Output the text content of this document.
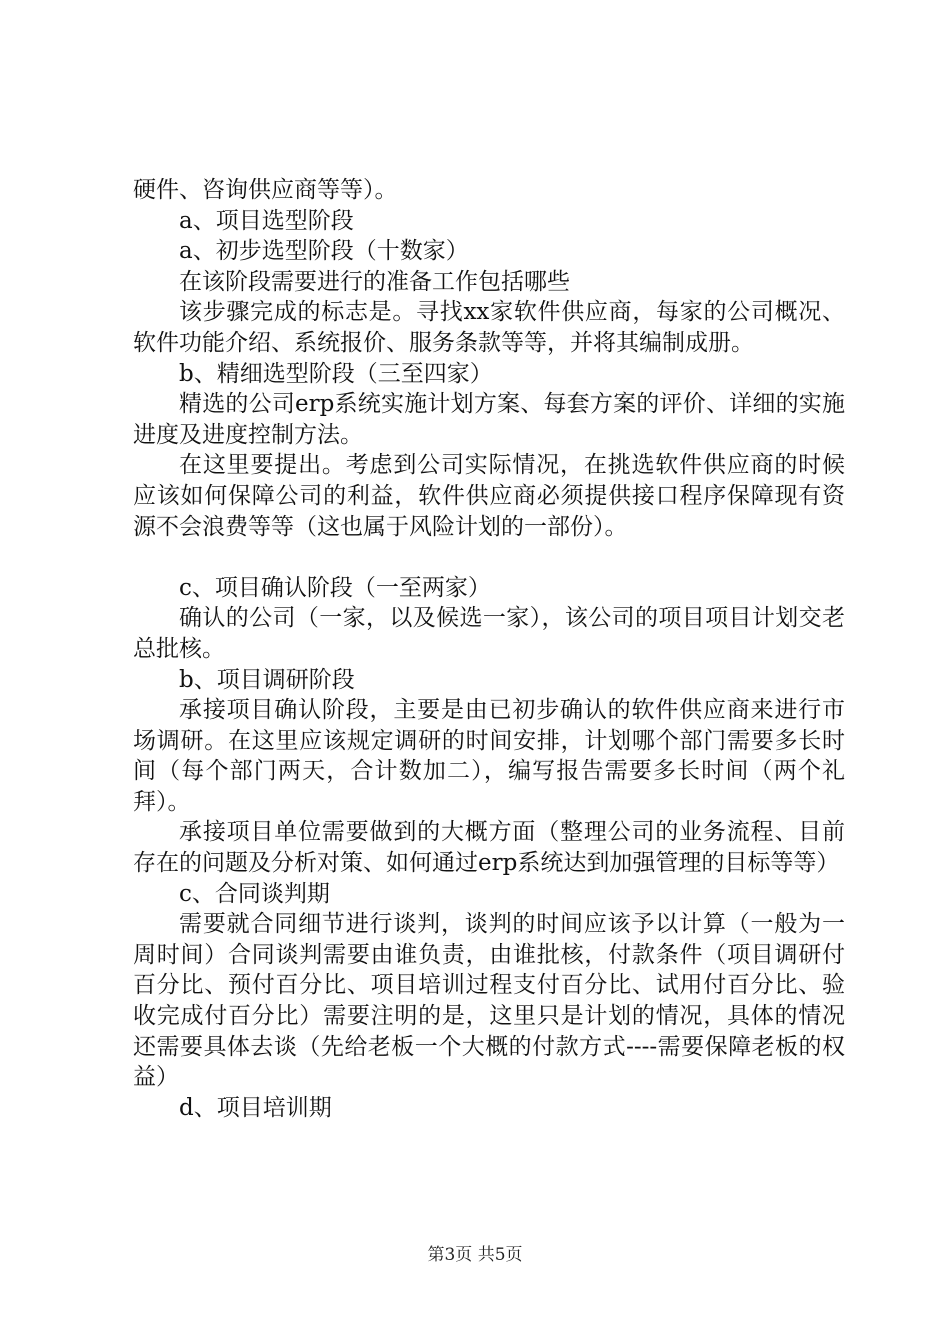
硬件、咨询供应商等等）。

a、项目选型阶段

a、初步选型阶段（十数家）

在该阶段需要进行的准备工作包括哪些

该步骤完成的标志是。寻找xx家软件供应商，每家的公司概况、软件功能介绍、系统报价、服务条款等等，并将其编制成册。

b、精细选型阶段（三至四家）

精选的公司erp系统实施计划方案、每套方案的评价、详细的实施进度及进度控制方法。

在这里要提出。考虑到公司实际情况，在挑选软件供应商的时候应该如何保障公司的利益，软件供应商必须提供接口程序保障现有资源不会浪费等等（这也属于风险计划的一部份）。

c、项目确认阶段（一至两家）

确认的公司（一家，以及候选一家），该公司的项目项目计划交老总批核。

b、项目调研阶段

承接项目确认阶段，主要是由已初步确认的软件供应商来进行市场调研。在这里应该规定调研的时间安排，计划哪个部门需要多长时间（每个部门两天，合计数加二），编写报告需要多长时间（两个礼拜）。

承接项目单位需要做到的大概方面（整理公司的业务流程、目前存在的问题及分析对策、如何通过erp系统达到加强管理的目标等等）

c、合同谈判期

需要就合同细节进行谈判，谈判的时间应该予以计算（一般为一周时间）合同谈判需要由谁负责，由谁批核，付款条件（项目调研付百分比、预付百分比、项目培训过程支付百分比、试用付百分比、验收完成付百分比）需要注明的是，这里只是计划的情况，具体的情况还需要具体去谈（先给老板一个大概的付款方式----需要保障老板的权益）

d、项目培训期

第3页 共5页
